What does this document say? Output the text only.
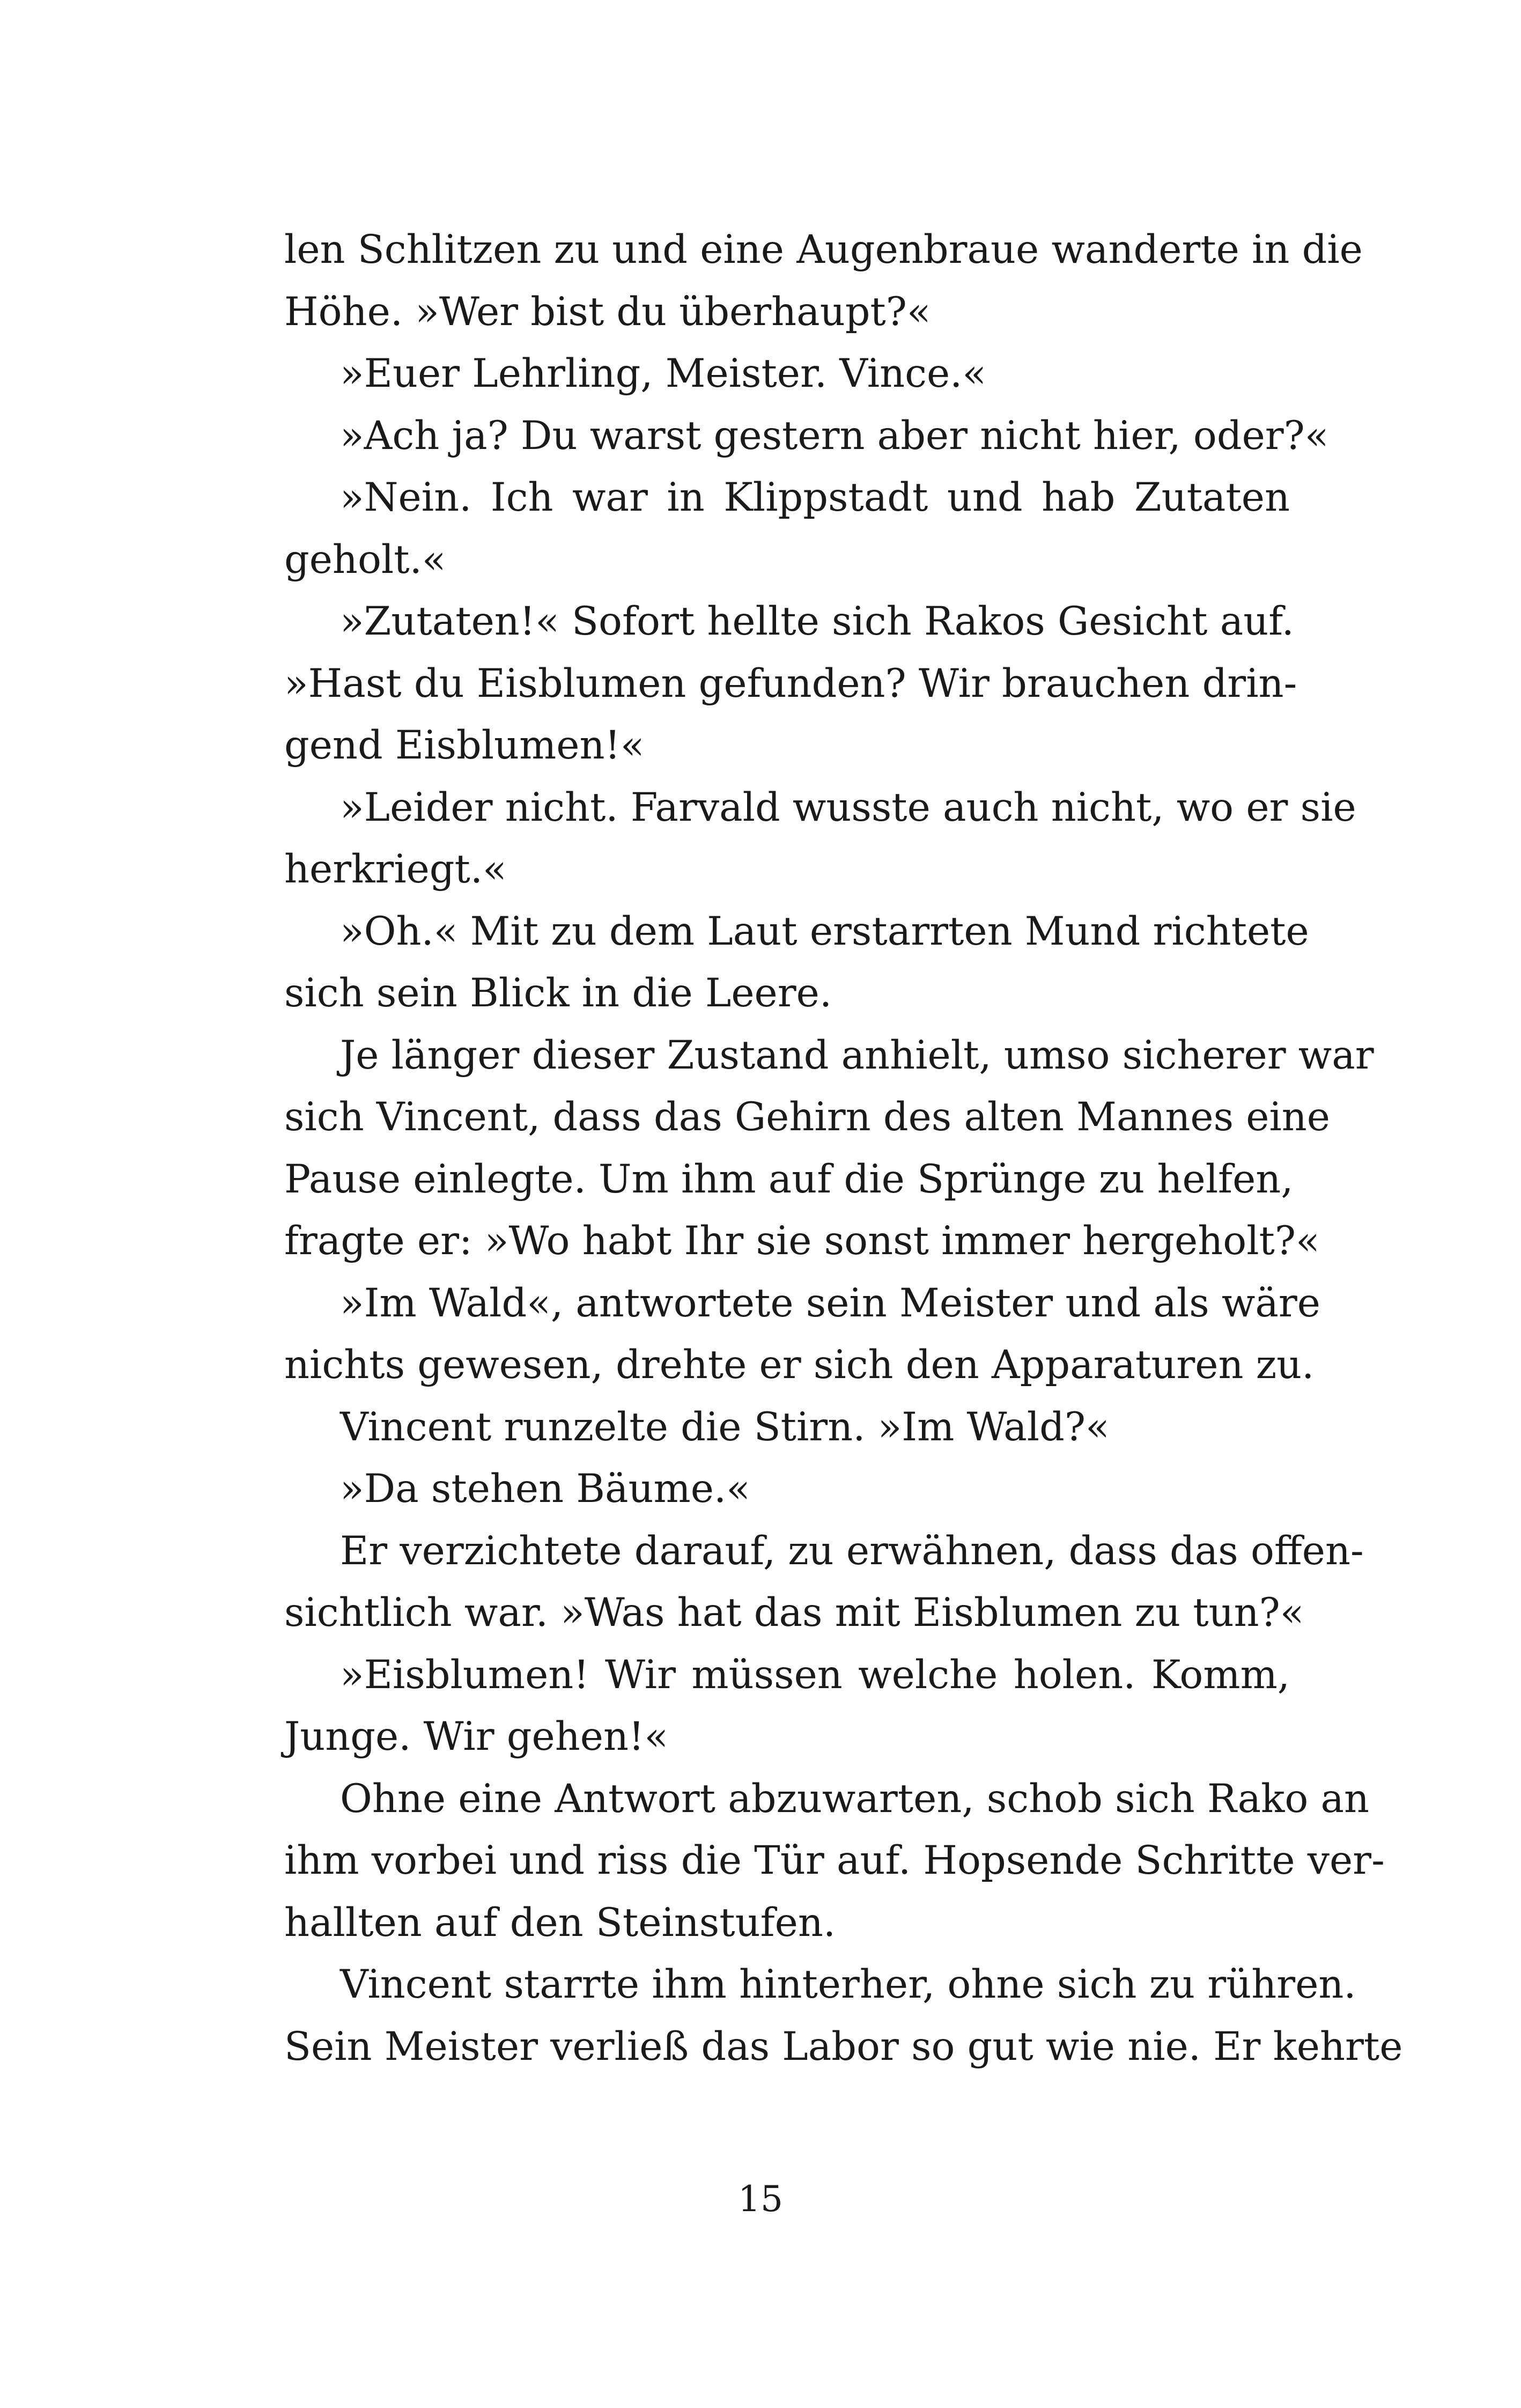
len Schlitzen zu und eine Augenbraue wanderte in die
Höhe. »Wer bist du überhaupt?«
»Euer Lehrling, Meister. Vince.«
»Ach ja? Du warst gestern aber nicht hier, oder?«
»Nein. Ich war in Klippstadt und hab Zutaten
geholt.«
»Zutaten!« Sofort hellte sich Rakos Gesicht auf.
»Hast du Eisblumen gefunden? Wir brauchen drin-
gend Eisblumen!«
»Leider nicht. Farvald wusste auch nicht, wo er sie
herkriegt.«
»Oh.« Mit zu dem Laut erstarrten Mund richtete
sich sein Blick in die Leere.
Je länger dieser Zustand anhielt, umso sicherer war
sich Vincent, dass das Gehirn des alten Mannes eine
Pause einlegte. Um ihm auf die Sprünge zu helfen,
fragte er: »Wo habt Ihr sie sonst immer hergeholt?«
»Im Wald«, antwortete sein Meister und als wäre
nichts gewesen, drehte er sich den Apparaturen zu.
Vincent runzelte die Stirn. »Im Wald?«
»Da stehen Bäume.«
Er verzichtete darauf, zu erwähnen, dass das offen-
sichtlich war. »Was hat das mit Eisblumen zu tun?«
»Eisblumen! Wir müssen welche holen. Komm,
Junge. Wir gehen!«
Ohne eine Antwort abzuwarten, schob sich Rako an
ihm vorbei und riss die Tür auf. Hopsende Schritte ver-
hallten auf den Steinstufen.
Vincent starrte ihm hinterher, ohne sich zu rühren.
Sein Meister verließ das Labor so gut wie nie. Er kehrte
15
